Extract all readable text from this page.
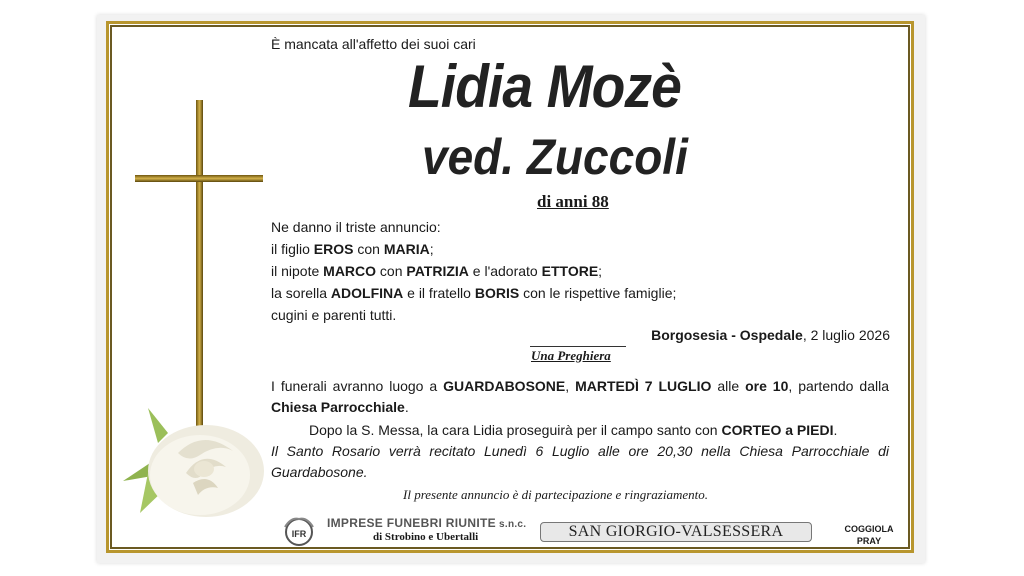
È mancata all'affetto dei suoi cari

Lidia Mozè

ved. Zuccoli

di anni 88

Ne danno il triste annuncio:

il figlio EROS con MARIA;

il nipote MARCO con PATRIZIA e l'adorato ETTORE;

la sorella ADOLFINA e il fratello BORIS con le rispettive famiglie;

cugini e parenti tutti.

Borgosesia - Ospedale, 2 luglio 2026

Una Preghiera

I funerali avranno luogo a GUARDABOSONE, MARTEDÌ 7 LUGLIO alle ore 10, partendo dalla Chiesa Parrocchiale.

Dopo la S. Messa, la cara Lidia proseguirà per il campo santo con CORTEO a PIEDI.

Il Santo Rosario verrà recitato Lunedì 6 Luglio alle ore 20,30 nella Chiesa Parrocchiale di Guardabosone.

Il presente annuncio è di partecipazione e ringraziamento.

IFR

IMPRESE FUNEBRI RIUNITE s.n.c.

di Strobino e Ubertalli	SAN GIORGIO-VALSESSERA	COGGIOLA
PRAY
